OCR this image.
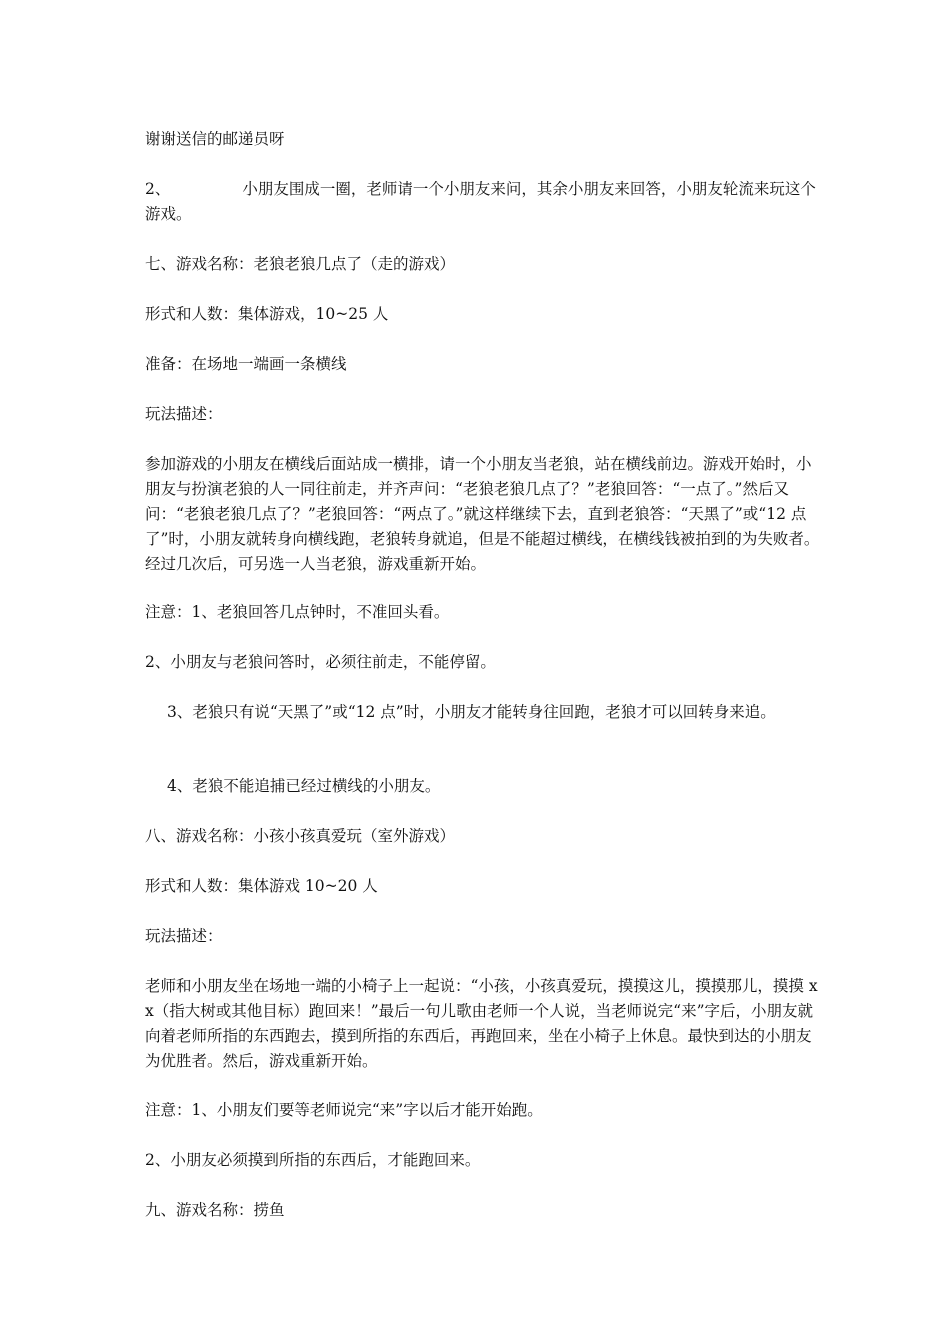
谢谢送信的邮递员呀
2、	小朋友围成一圈，老师请一个小朋友来问，其余小朋友来回答，小朋友轮流来玩这个游戏。
七、游戏名称：老狼老狼几点了（走的游戏）
形式和人数：集体游戏，10~25 人
准备：在场地一端画一条横线
玩法描述：
参加游戏的小朋友在横线后面站成一横排，请一个小朋友当老狼，站在横线前边。游戏开始时，小朋友与扮演老狼的人一同往前走，并齐声问：“老狼老狼几点了？”老狼回答：“一点了。”然后又问：“老狼老狼几点了？”老狼回答：“两点了。”就这样继续下去，直到老狼答：“天黑了”或“12 点了”时，小朋友就转身向横线跑，老狼转身就追，但是不能超过横线，在横线钱被拍到的为失败者。经过几次后，可另选一人当老狼，游戏重新开始。
注意：1、老狼回答几点钟时，不准回头看。
2、小朋友与老狼问答时，必须往前走，不能停留。
3、老狼只有说“天黑了”或“12 点”时，小朋友才能转身往回跑，老狼才可以回转身来追。
4、老狼不能追捕已经过横线的小朋友。
八、游戏名称：小孩小孩真爱玩（室外游戏）
形式和人数：集体游戏 10~20 人
玩法描述：
老师和小朋友坐在场地一端的小椅子上一起说：“小孩，小孩真爱玩，摸摸这儿，摸摸那儿，摸摸 xx（指大树或其他目标）跑回来！”最后一句儿歌由老师一个人说，当老师说完“来”字后，小朋友就向着老师所指的东西跑去，摸到所指的东西后，再跑回来，坐在小椅子上休息。最快到达的小朋友为优胜者。然后，游戏重新开始。
注意：1、小朋友们要等老师说完“来”字以后才能开始跑。
2、小朋友必须摸到所指的东西后，才能跑回来。
九、游戏名称：捞鱼
